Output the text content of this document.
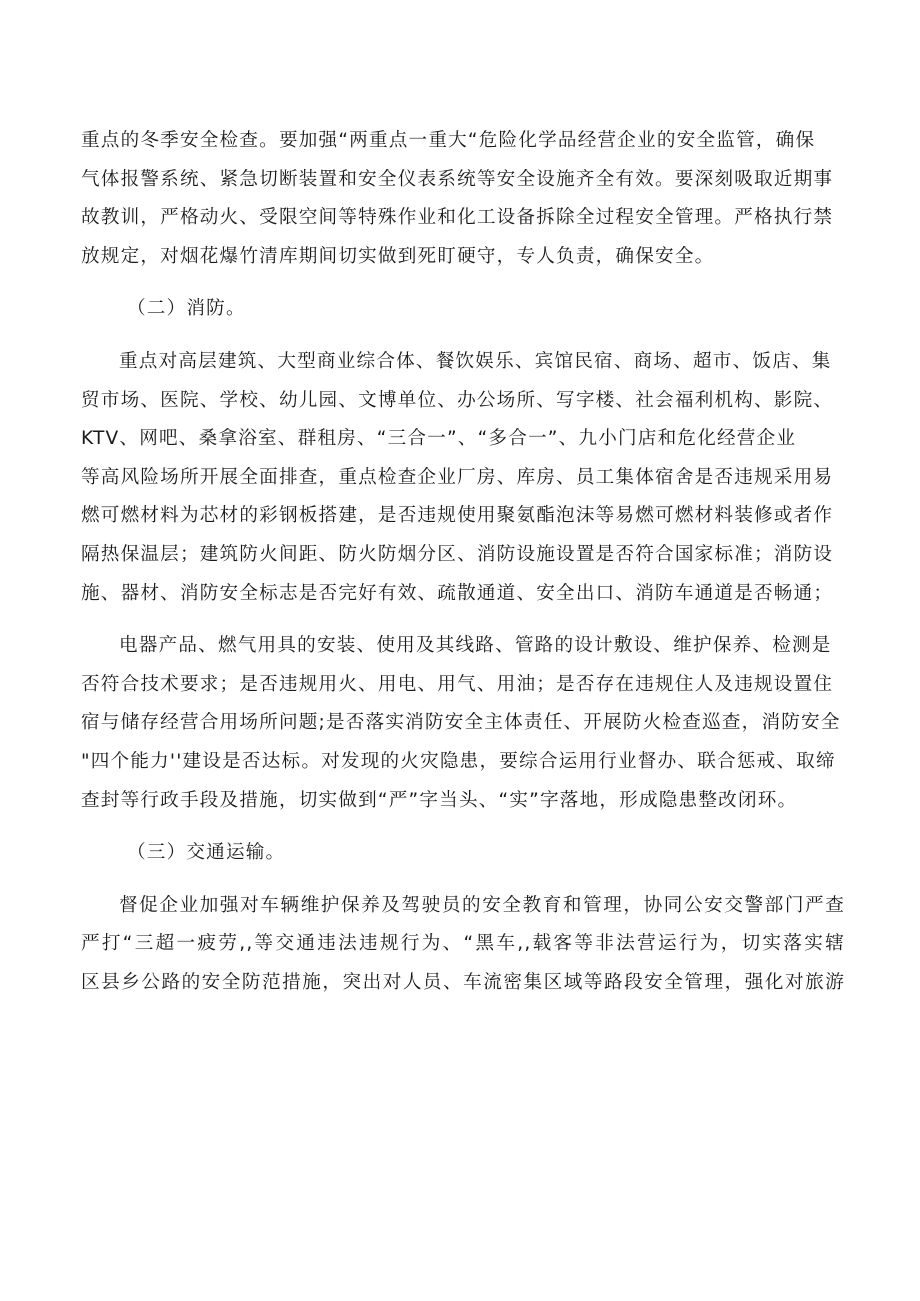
重点的冬季安全检查。要加强“两重点一重大“危险化学品经营企业的安全监管，确保
气体报警系统、紧急切断装置和安全仪表系统等安全设施齐全有效。要深刻吸取近期事
故教训，严格动火、受限空间等特殊作业和化工设备拆除全过程安全管理。严格执行禁
放规定，对烟花爆竹清库期间切实做到死盯硬守，专人负责，确保安全。

（二）消防。

重点对高层建筑、大型商业综合体、餐饮娱乐、宾馆民宿、商场、超市、饭店、集
贸市场、医院、学校、幼儿园、文博单位、办公场所、写字楼、社会福利机构、影院、
KTV、网吧、桑拿浴室、群租房、“三合一”、“多合一”、九小门店和危化经营企业
等高风险场所开展全面排查，重点检查企业厂房、库房、员工集体宿舍是否违规采用易
燃可燃材料为芯材的彩钢板搭建，是否违规使用聚氨酯泡沫等易燃可燃材料装修或者作
隔热保温层；建筑防火间距、防火防烟分区、消防设施设置是否符合国家标准；消防设
施、器材、消防安全标志是否完好有效、疏散通道、安全出口、消防车通道是否畅通；

电器产品、燃气用具的安装、使用及其线路、管路的设计敷设、维护保养、检测是
否符合技术要求；是否违规用火、用电、用气、用油；是否存在违规住人及违规设置住
宿与储存经营合用场所问题;是否落实消防安全主体责任、开展防火检查巡查，消防安全
"四个能力''建设是否达标。对发现的火灾隐患，要综合运用行业督办、联合惩戒、取缔
查封等行政手段及措施，切实做到“严”字当头、“实”字落地，形成隐患整改闭环。

（三）交通运输。

督促企业加强对车辆维护保养及驾驶员的安全教育和管理，协同公安交警部门严查
严打“三超一疲劳,,等交通违法违规行为、“黑车,,载客等非法营运行为，切实落实辖
区县乡公路的安全防范措施，突出对人员、车流密集区域等路段安全管理，强化对旅游
